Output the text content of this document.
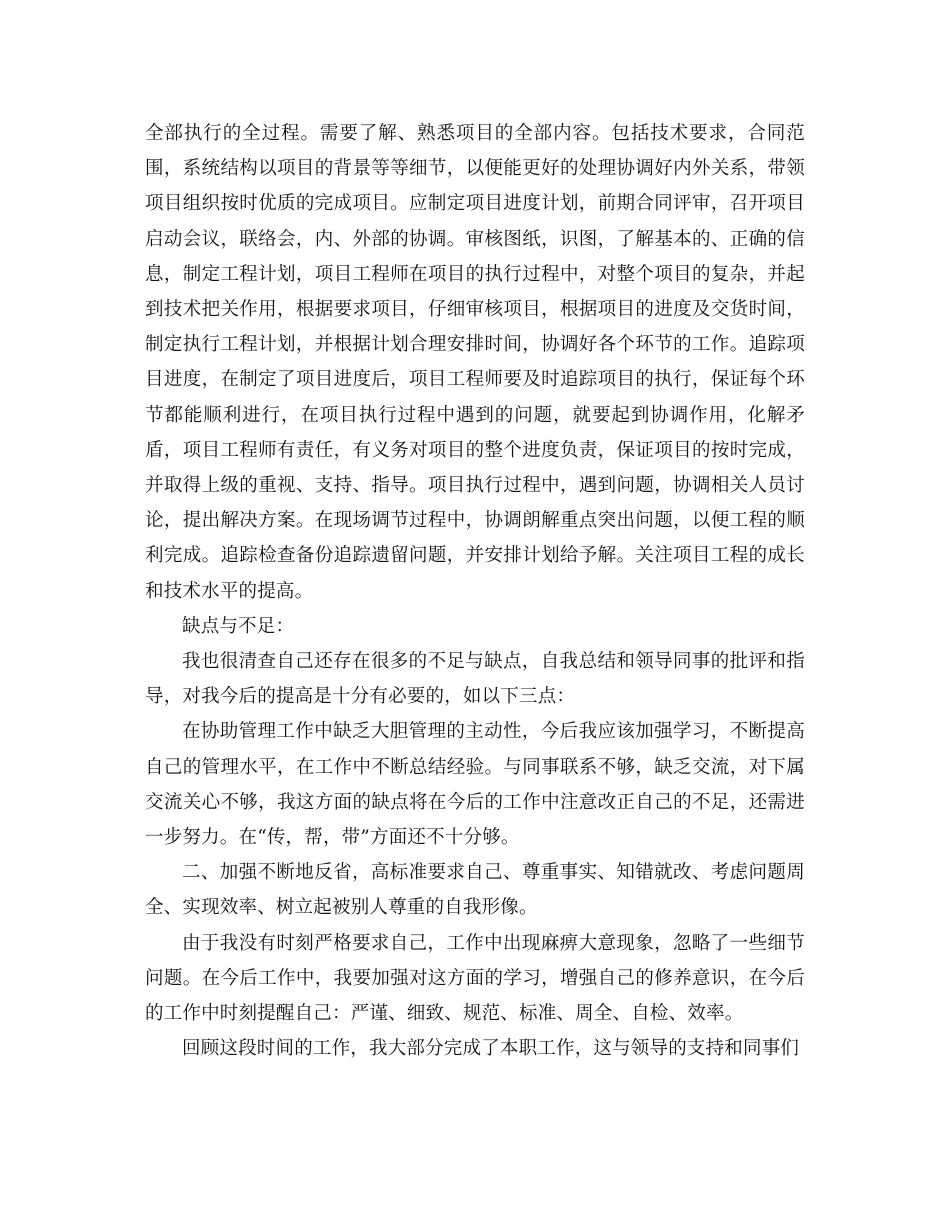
全部执行的全过程。需要了解、熟悉项目的全部内容。包括技术要求，合同范围，系统结构以项目的背景等等细节，以便能更好的处理协调好内外关系，带领项目组织按时优质的完成项目。应制定项目进度计划，前期合同评审，召开项目启动会议，联络会，内、外部的协调。审核图纸，识图，了解基本的、正确的信息，制定工程计划，项目工程师在项目的执行过程中，对整个项目的复杂，并起到技术把关作用，根据要求项目，仔细审核项目，根据项目的进度及交货时间，制定执行工程计划，并根据计划合理安排时间，协调好各个环节的工作。追踪项目进度，在制定了项目进度后，项目工程师要及时追踪项目的执行，保证每个环节都能顺利进行，在项目执行过程中遇到的问题，就要起到协调作用，化解矛盾，项目工程师有责任，有义务对项目的整个进度负责，保证项目的按时完成，并取得上级的重视、支持、指导。项目执行过程中，遇到问题，协调相关人员讨论，提出解决方案。在现场调节过程中，协调朗解重点突出问题，以便工程的顺利完成。追踪检查备份追踪遗留问题，并安排计划给予解。关注项目工程的成长和技术水平的提高。

缺点与不足：

我也很清查自己还存在很多的不足与缺点，自我总结和领导同事的批评和指导，对我今后的提高是十分有必要的，如以下三点：

在协助管理工作中缺乏大胆管理的主动性，今后我应该加强学习，不断提高自己的管理水平，在工作中不断总结经验。与同事联系不够，缺乏交流，对下属交流关心不够，我这方面的缺点将在今后的工作中注意改正自己的不足，还需进一步努力。在“传，帮，带”方面还不十分够。

二、加强不断地反省，高标准要求自己、尊重事实、知错就改、考虑问题周全、实现效率、树立起被别人尊重的自我形像。

由于我没有时刻严格要求自己，工作中出现麻痹大意现象，忽略了一些细节问题。在今后工作中，我要加强对这方面的学习，增强自己的修养意识，在今后的工作中时刻提醒自己：严谨、细致、规范、标准、周全、自检、效率。

回顾这段时间的工作，我大部分完成了本职工作，这与领导的支持和同事们
